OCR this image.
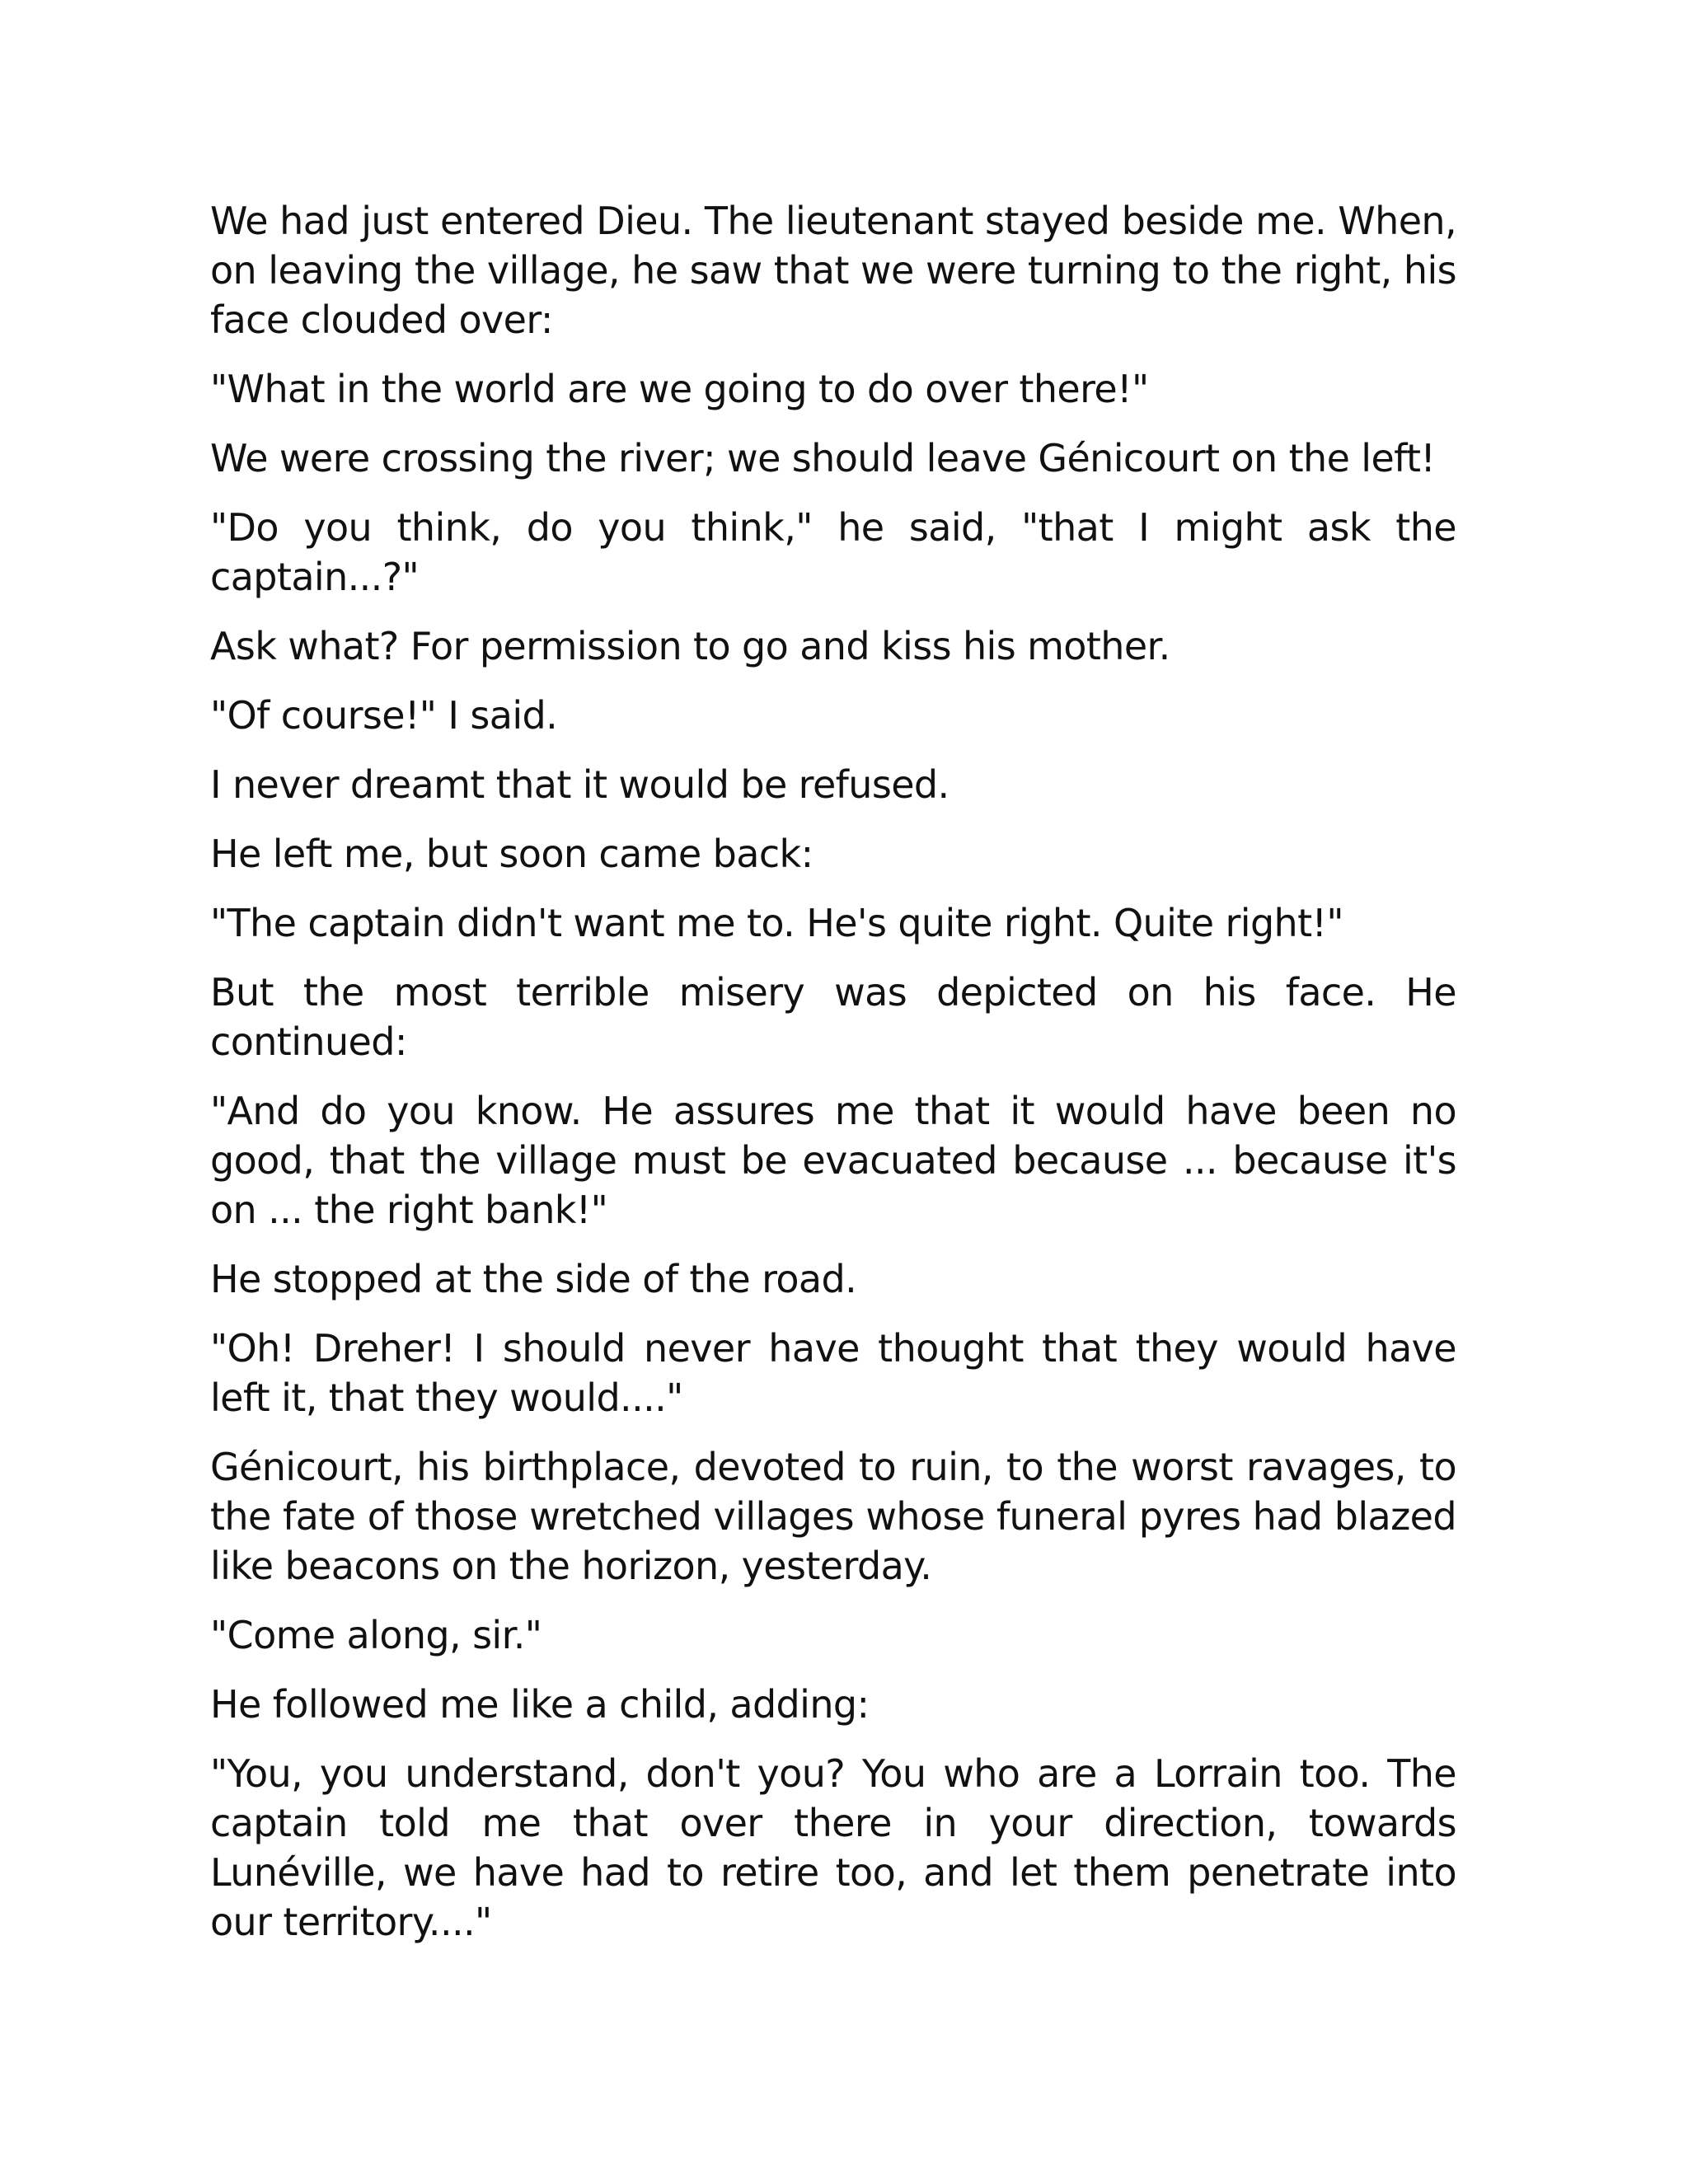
We had just entered Dieu. The lieutenant stayed beside me. When, on leaving the village, he saw that we were turning to the right, his face clouded over:

"What in the world are we going to do over there!"

We were crossing the river; we should leave Génicourt on the left!

"Do you think, do you think," he said, "that I might ask the captain...?"

Ask what? For permission to go and kiss his mother.

"Of course!" I said.

I never dreamt that it would be refused.

He left me, but soon came back:

"The captain didn't want me to. He's quite right. Quite right!"

But the most terrible misery was depicted on his face. He continued:

"And do you know. He assures me that it would have been no good, that the village must be evacuated because ... because it's on ... the right bank!"

He stopped at the side of the road.

"Oh! Dreher! I should never have thought that they would have left it, that they would...."

Génicourt, his birthplace, devoted to ruin, to the worst ravages, to the fate of those wretched villages whose funeral pyres had blazed like beacons on the horizon, yesterday.

"Come along, sir."

He followed me like a child, adding:

"You, you understand, don't you? You who are a Lorrain too. The captain told me that over there in your direction, towards Lunéville, we have had to retire too, and let them penetrate into our territory...."
